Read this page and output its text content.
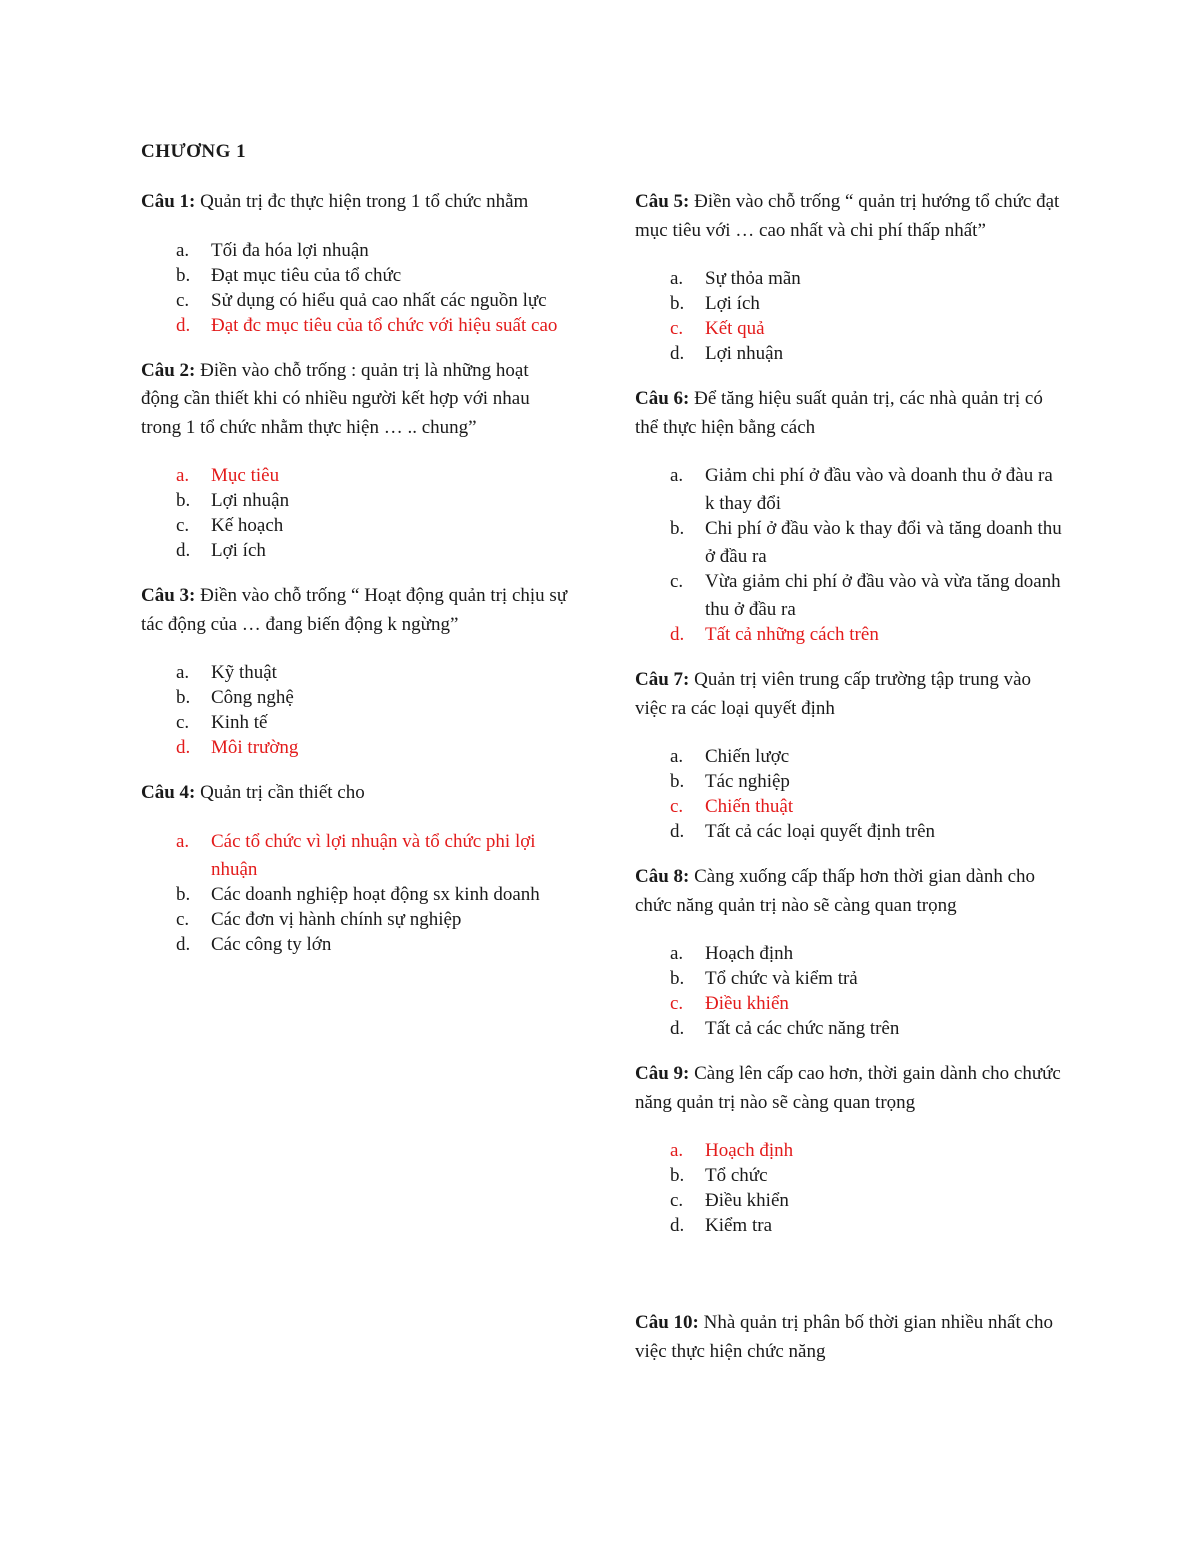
CHƯƠNG 1

Câu 1: Quản trị đc thực hiện trong 1 tổ chức nhằm

a. Tối đa hóa lợi nhuận
b. Đạt mục tiêu của tổ chức
c. Sử dụng có hiểu quả cao nhất các nguồn lực
d. Đạt đc mục tiêu của tổ chức với hiệu suất cao

Câu 2: Điền vào chỗ trống : quản trị là những hoạt động cần thiết khi có nhiều người kết hợp với nhau trong 1 tổ chức nhằm thực hiện … .. chung”

a. Mục tiêu
b. Lợi nhuận
c. Kế hoạch
d. Lợi ích

Câu 3: Điền vào chỗ trống “ Hoạt động quản trị chịu sự tác động của … đang biến động k ngừng”

a. Kỹ thuật
b. Công nghệ
c. Kinh tế
d. Môi trường

Câu 4: Quản trị cần thiết cho

a. Các tổ chức vì lợi nhuận và tổ chức phi lợi nhuận
b. Các doanh nghiệp hoạt động sx kinh doanh
c. Các đơn vị hành chính sự nghiệp
d. Các công ty lớn

Câu 5: Điền vào chỗ trống “ quản trị hướng tổ chức đạt mục tiêu với … cao nhất và chi phí thấp nhất”

a. Sự thỏa mãn
b. Lợi ích
c. Kết quả
d. Lợi nhuận

Câu 6: Để tăng hiệu suất quản trị, các nhà quản trị có thể thực hiện bằng cách

a. Giảm chi phí ở đầu vào và doanh thu ở đàu ra k thay đổi
b. Chi phí ở đầu vào k thay đổi và tăng doanh thu ở đầu ra
c. Vừa giảm chi phí ở đầu vào và vừa tăng doanh thu ở đầu ra
d. Tất cả những cách trên

Câu 7: Quản trị viên trung cấp trường tập trung vào việc ra các loại quyết định

a. Chiến lược
b. Tác nghiệp
c. Chiến thuật
d. Tất cả các loại quyết định trên

Câu 8: Càng xuống cấp thấp hơn thời gian dành cho chức năng quản trị nào sẽ càng quan trọng

a. Hoạch định
b. Tổ chức và kiểm trả
c. Điều khiển
d. Tất cả các chức năng trên

Câu 9: Càng lên cấp cao hơn, thời gain dành cho chưức năng quản trị nào sẽ càng quan trọng

a. Hoạch định
b. Tổ chức
c. Điều khiển
d. Kiểm tra

Câu 10: Nhà quản trị phân bố thời gian nhiều nhất cho việc thực hiện chức năng
